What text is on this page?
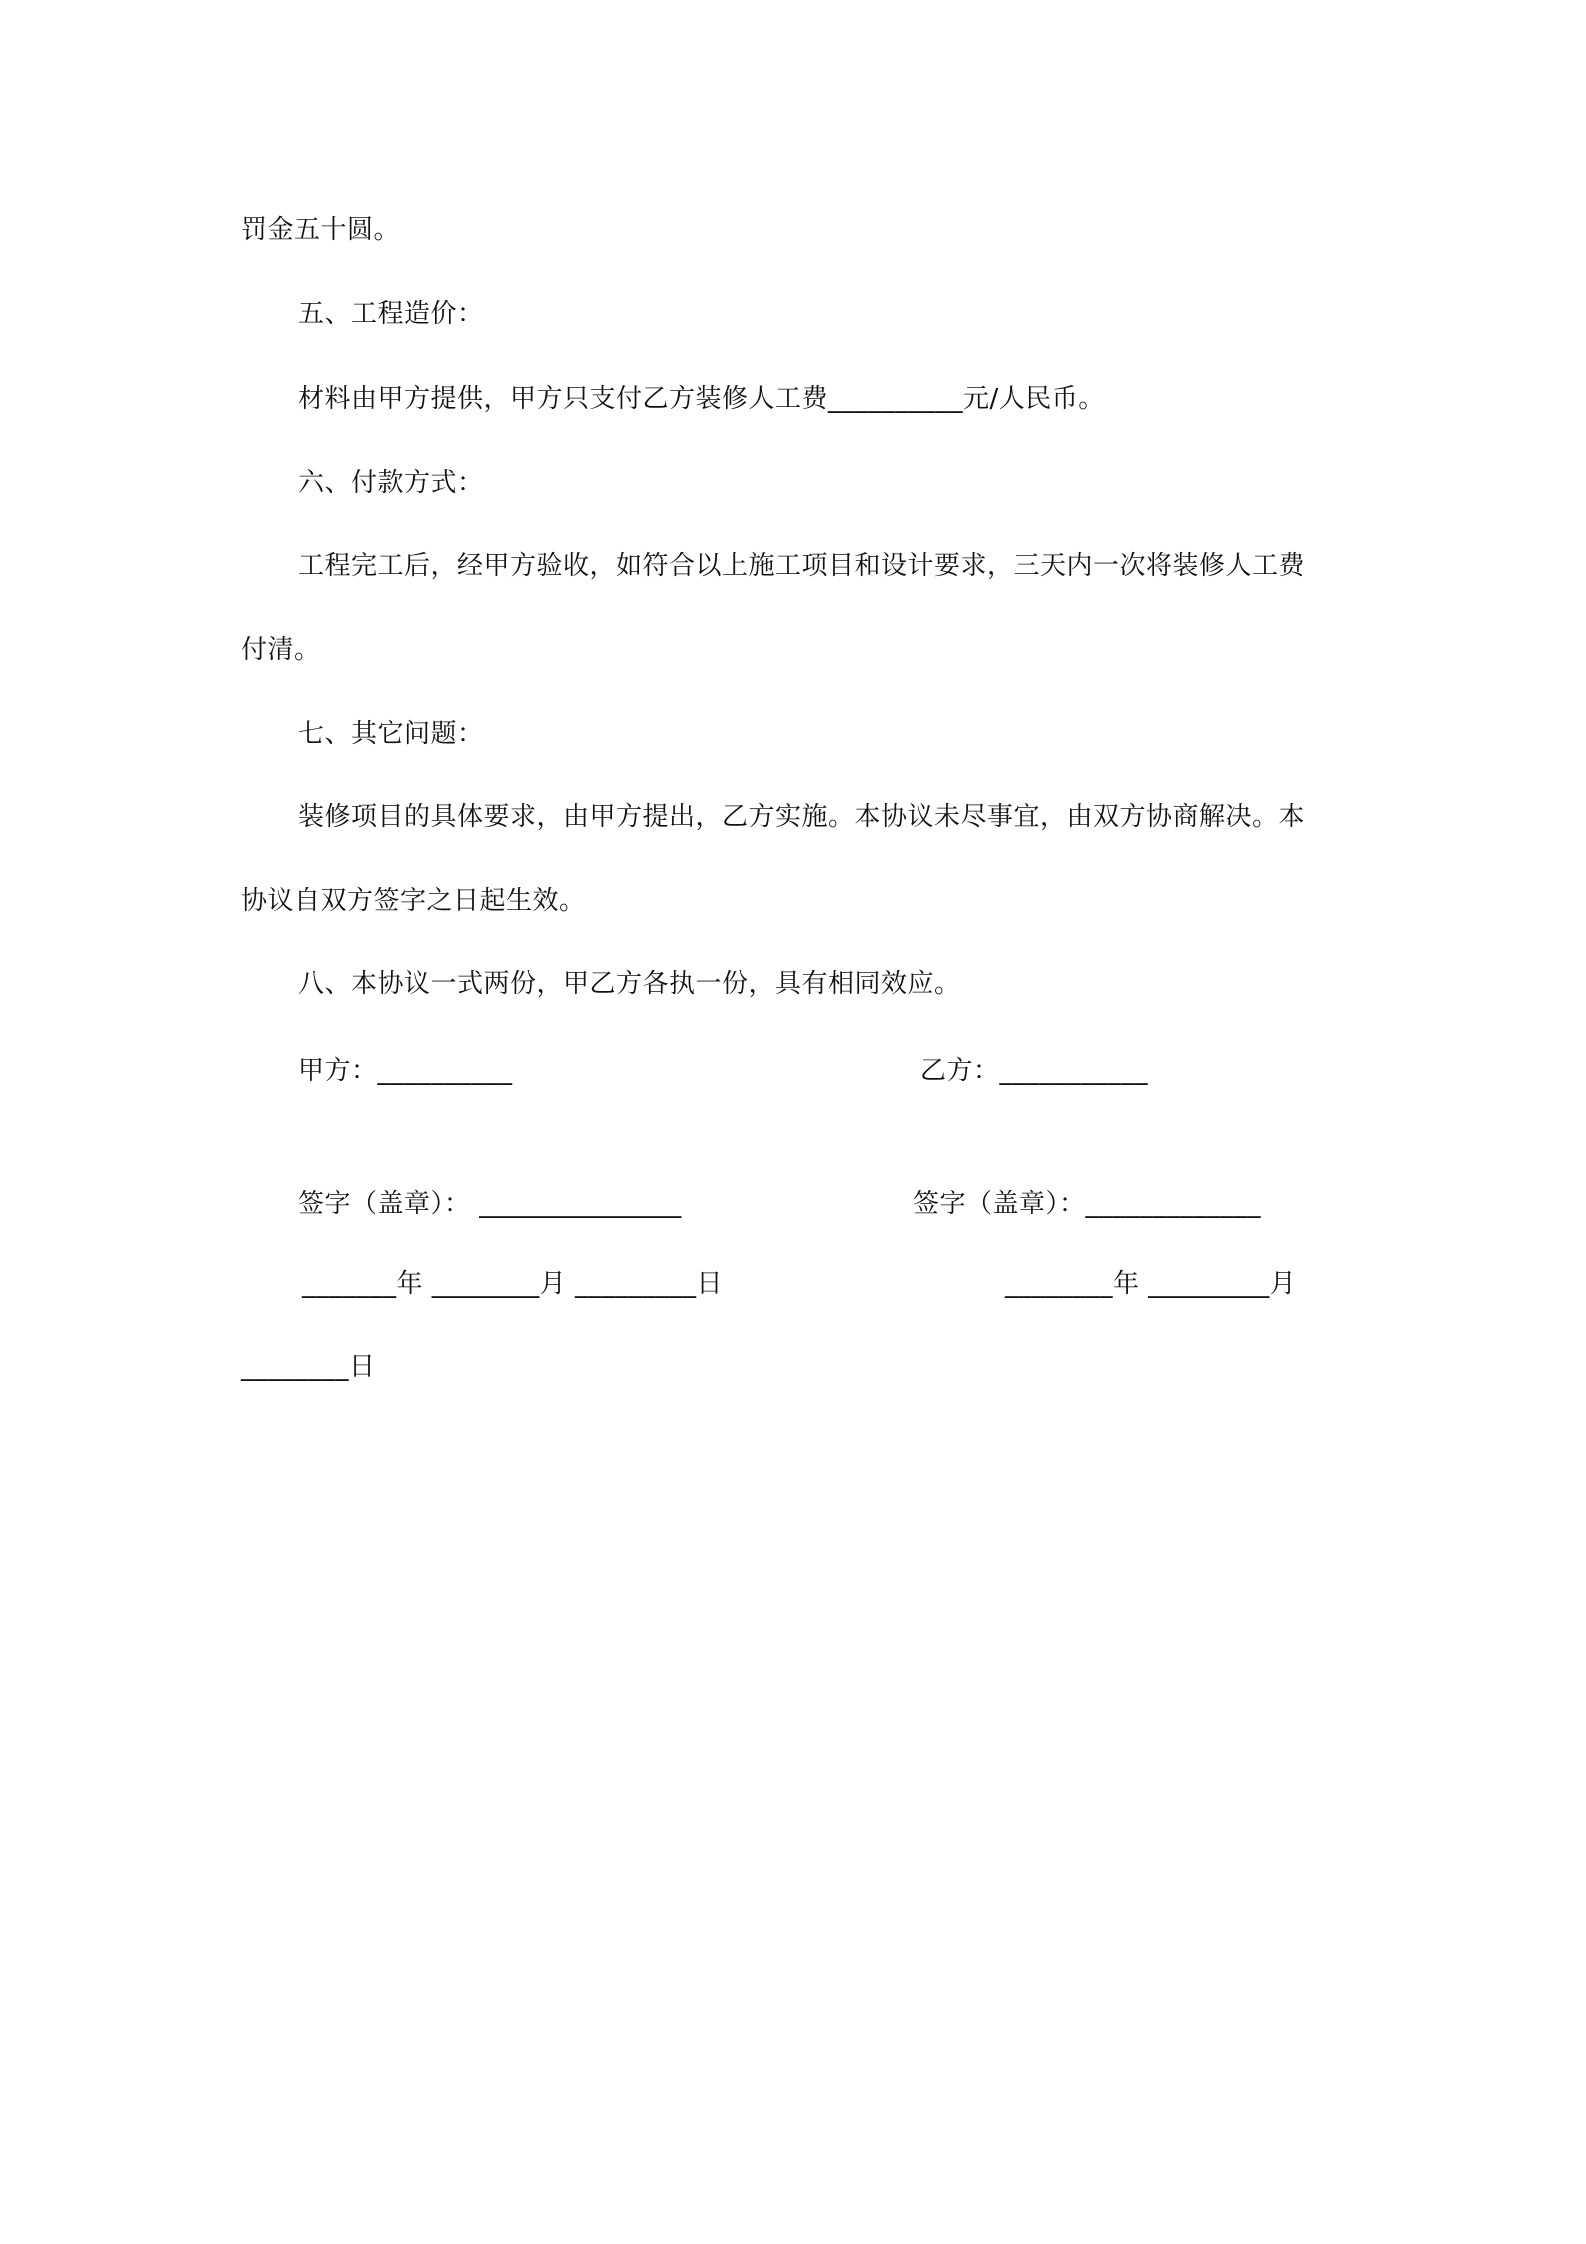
罚金五十圆。
五、工程造价：
材料由甲方提供，甲方只支付乙方装修人工费__________元/人民币。
六、付款方式：
工程完工后，经甲方验收，如符合以上施工项目和设计要求，三天内一次将装修人工费
付清。
七、其它问题：
装修项目的具体要求，由甲方提出，乙方实施。本协议未尽事宜，由双方协商解决。本
协议自双方签字之日起生效。
八、本协议一式两份，甲乙方各执一份，具有相同效应。
甲方：__________	乙方：___________
签字（盖章）： _______________	签字（盖章）：_____________
_______年 ________月 _________日	________年 _________月
________日
